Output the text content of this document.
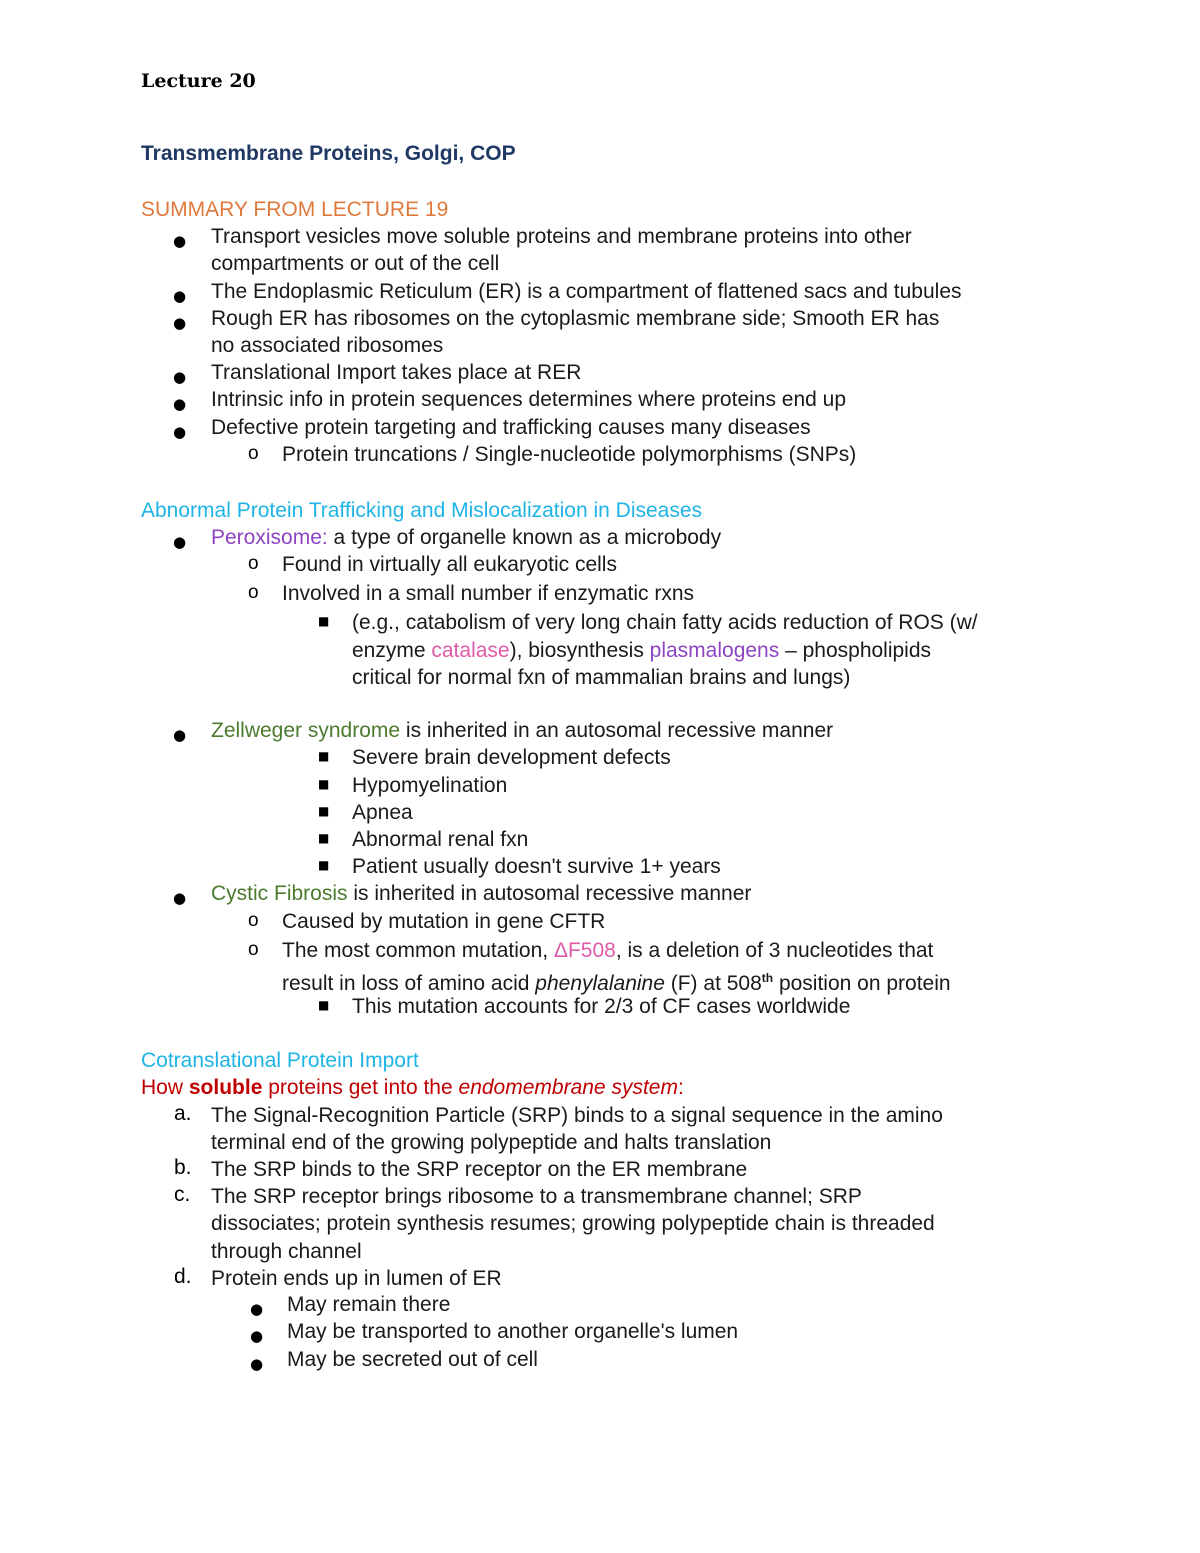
Lecture 20
Transmembrane Proteins, Golgi, COP
SUMMARY FROM LECTURE 19
● Transport vesicles move soluble proteins and membrane proteins into other
compartments or out of the cell
● The Endoplasmic Reticulum (ER) is a compartment of flattened sacs and tubules
● Rough ER has ribosomes on the cytoplasmic membrane side; Smooth ER has
no associated ribosomes
● Translational Import takes place at RER
● Intrinsic info in protein sequences determines where proteins end up
● Defective protein targeting and trafficking causes many diseases
o Protein truncations / Single-nucleotide polymorphisms (SNPs)
Abnormal Protein Trafficking and Mislocalization in Diseases
● Peroxisome: a type of organelle known as a microbody
o Found in virtually all eukaryotic cells
o Involved in a small number if enzymatic rxns
■ (e.g., catabolism of very long chain fatty acids reduction of ROS (w/
enzyme catalase), biosynthesis plasmalogens – phospholipids
critical for normal fxn of mammalian brains and lungs)
● Zellweger syndrome is inherited in an autosomal recessive manner
■ Severe brain development defects
■ Hypomyelination
■ Apnea
■ Abnormal renal fxn
■ Patient usually doesn't survive 1+ years
● Cystic Fibrosis is inherited in autosomal recessive manner
o Caused by mutation in gene CFTR
o The most common mutation, ΔF508, is a deletion of 3 nucleotides that
result in loss of amino acid phenylalanine (F) at 508th position on protein
■ This mutation accounts for 2/3 of CF cases worldwide
Cotranslational Protein Import
How soluble proteins get into the endomembrane system:
a. The Signal-Recognition Particle (SRP) binds to a signal sequence in the amino
terminal end of the growing polypeptide and halts translation
b. The SRP binds to the SRP receptor on the ER membrane
c. The SRP receptor brings ribosome to a transmembrane channel; SRP
dissociates; protein synthesis resumes; growing polypeptide chain is threaded
through channel
d. Protein ends up in lumen of ER
● May remain there
● May be transported to another organelle's lumen
● May be secreted out of cell
